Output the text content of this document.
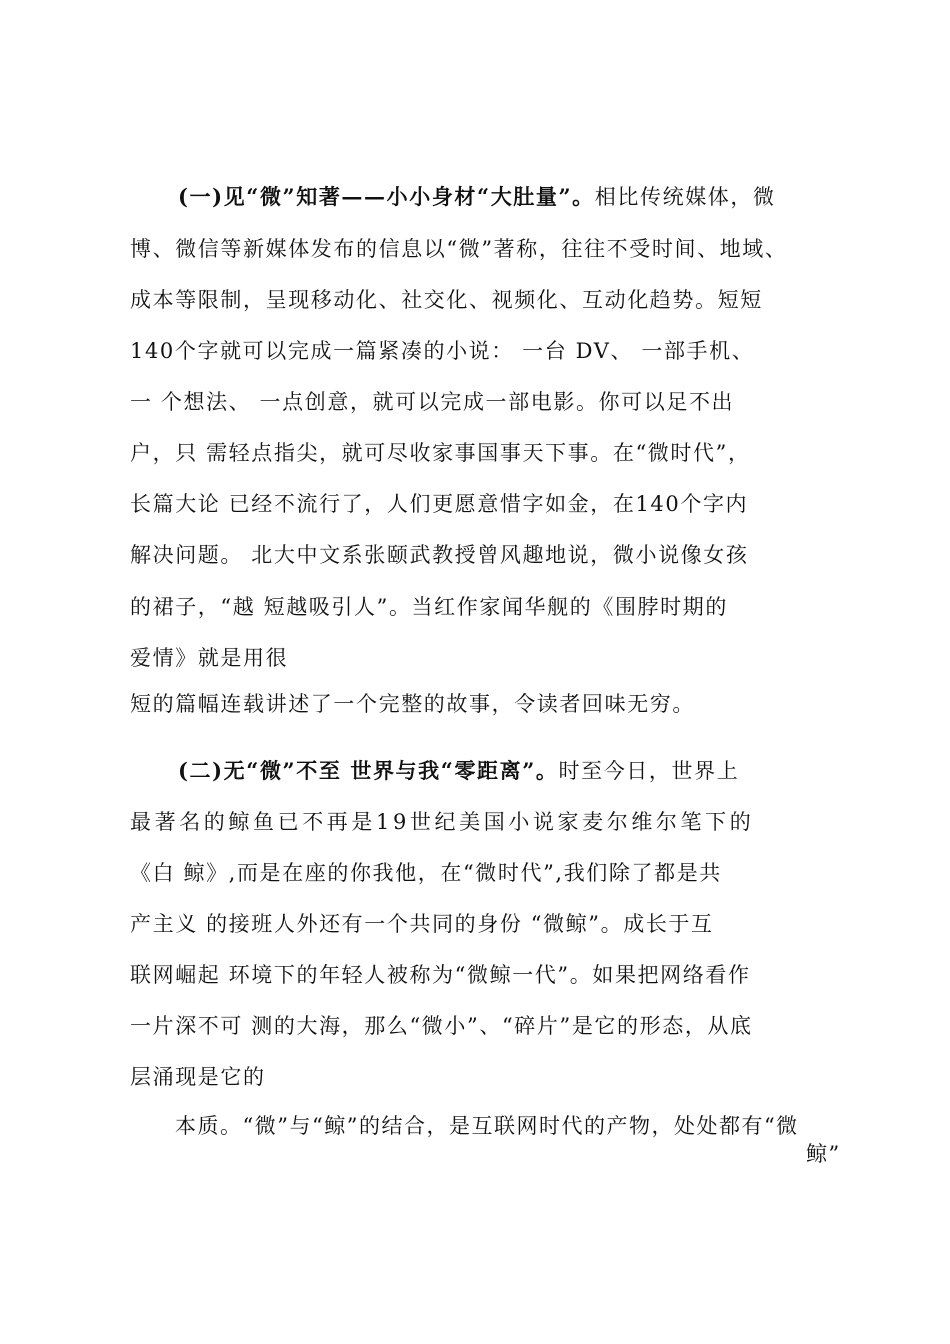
(一)见“微”知著——小小身材“大肚量”。相比传统媒体，微
博、微信等新媒体发布的信息以“微”著称，往往不受时间、地域、
成本等限制，呈现移动化、社交化、视频化、互动化趋势。短短
140个字就可以完成一篇紧凑的小说： 一台 DV、 一部手机、
一 个想法、 一点创意，就可以完成一部电影。你可以足不出
户，只 需轻点指尖，就可尽收家事国事天下事。在“微时代”，
长篇大论 已经不流行了，人们更愿意惜字如金，在140个字内
解决问题。 北大中文系张颐武教授曾风趣地说，微小说像女孩
的裙子，“越 短越吸引人”。当红作家闻华舰的《围脖时期的
爱情》就是用很
短的篇幅连载讲述了一个完整的故事，令读者回味无穷。
(二)无“微”不至 世界与我“零距离”。时至今日，世界上
最著名的鲸鱼已不再是19世纪美国小说家麦尔维尔笔下的
《白 鲸》,而是在座的你我他，在“微时代”,我们除了都是共
产主义 的接班人外还有一个共同的身份 “微鲸”。成长于互
联网崛起 环境下的年轻人被称为“微鲸一代”。如果把网络看作
一片深不可 测的大海，那么“微小”、“碎片”是它的形态，从底
层涌现是它的
本质。“微”与“鲸”的结合，是互联网时代的产物，处处都有“微
鲸”
